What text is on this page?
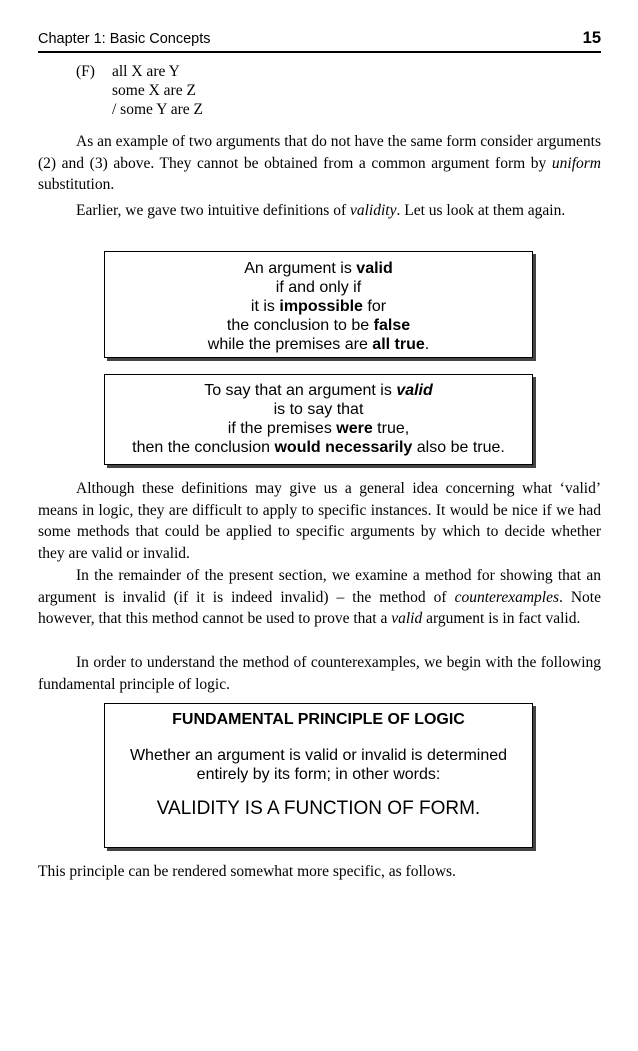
Chapter 1: Basic Concepts	15
(F) all X are Y
some X are Z
/ some Y are Z

As an example of two arguments that do not have the same form consider arguments (2) and (3) above. They cannot be obtained from a common argument form by uniform substitution.

Earlier, we gave two intuitive definitions of validity. Let us look at them again.

An argument is valid
if and only if
it is impossible for
the conclusion to be false
while the premises are all true.
To say that an argument is valid
is to say that
if the premises were true,
then the conclusion would necessarily also be true.

Although these definitions may give us a general idea concerning what ‘valid’ means in logic, they are difficult to apply to specific instances. It would be nice if we had some methods that could be applied to specific arguments by which to decide whether they are valid or invalid.

In the remainder of the present section, we examine a method for showing that an argument is invalid (if it is indeed invalid) – the method of counterexamples. Note however, that this method cannot be used to prove that a valid argument is in fact valid.

In order to understand the method of counterexamples, we begin with the following fundamental principle of logic.

FUNDAMENTAL PRINCIPLE OF LOGIC
Whether an argument is valid or invalid is determined
entirely by its form; in other words:
VALIDITY IS A FUNCTION OF FORM.

This principle can be rendered somewhat more specific, as follows.
